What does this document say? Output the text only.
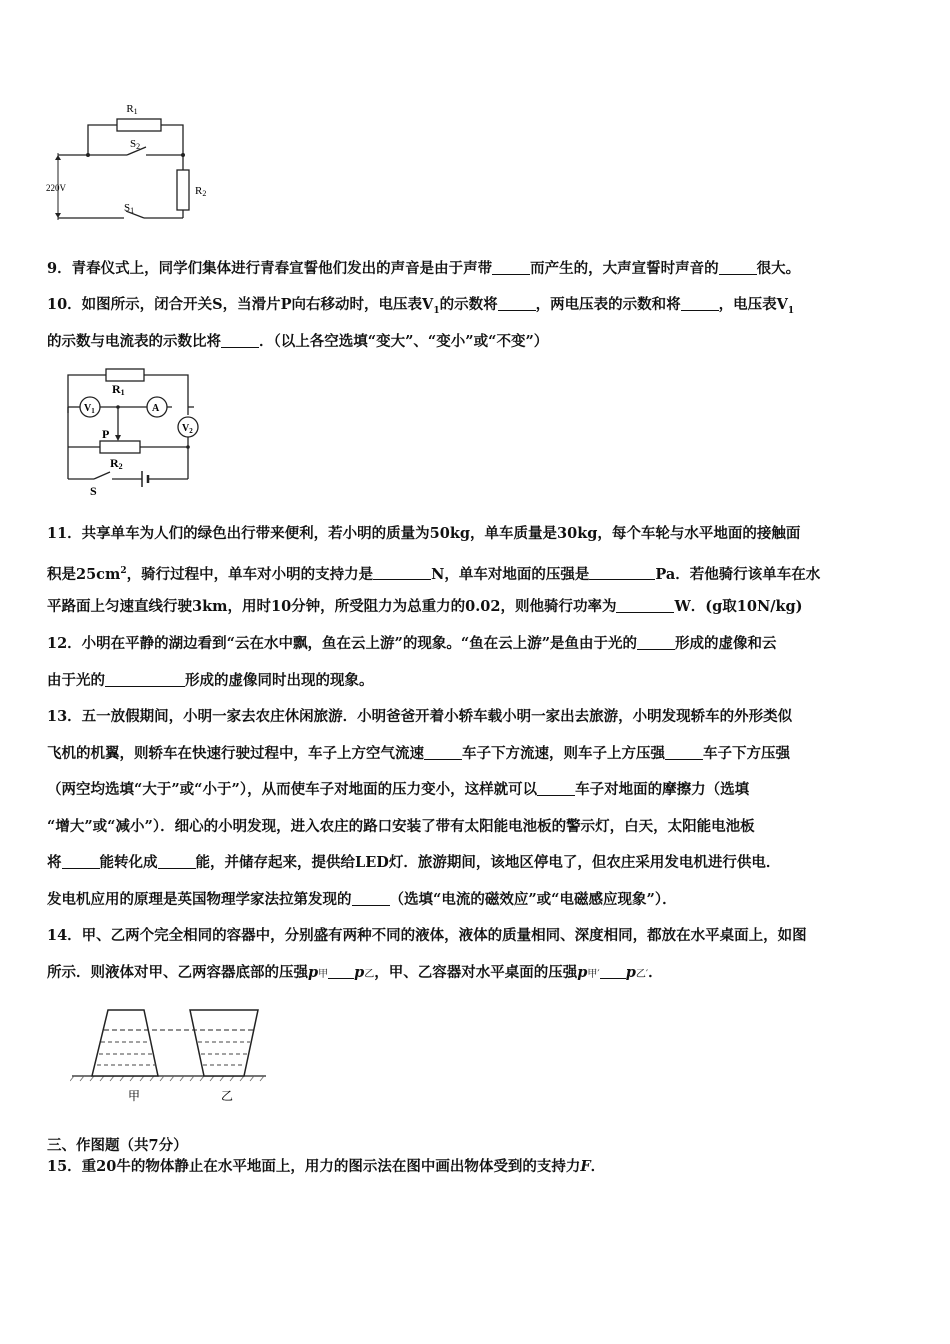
R1
S2
R2
S1
220V
9．青春仪式上，同学们集体进行青春宣誓他们发出的声音是由于声带	而产生的，大声宣誓时声音的	很大。
10．如图所示，闭合开关S，当滑片P向右移动时，电压表$V_1$的示数将	，两电压表的示数和将	，电压表$V_1$
的示数与电流表的示数比将	．（以上各空选填“变大”、“变小”或“不变”）
R1
$V_1$	A
$V_2$
P
R2
S
11．共享单车为人们的绿色出行带来便利，若小明的质量为50kg，单车质量是30kg，每个车轮与水平地面的接触面
积是$25cm^2$，骑行过程中，单车对小明的支持力是	N，单车对地面的压强是	Pa．若他骑行该单车在水
平路面上匀速直线行驶3km，用时10分钟，所受阻力为总重力的0.02，则他骑行功率为	W．(g取10N/kg)
12．小明在平静的湖边看到“云在水中飘，鱼在云上游”的现象。“鱼在云上游”是鱼由于光的	形成的虚像和云
由于光的	形成的虚像同时出现的现象。
13．五一放假期间，小明一家去农庄休闲旅游．小明爸爸开着小轿车载小明一家出去旅游，小明发现轿车的外形类似
飞机的机翼，则轿车在快速行驶过程中，车子上方空气流速	车子下方流速，则车子上方压强	车子下方压强
（两空均选填“大于”或“小于”），从而使车子对地面的压力变小，这样就可以	车子对地面的摩擦力（选填
“增大”或“减小”）．细心的小明发现，进入农庄的路口安装了带有太阳能电池板的警示灯，白天，太阳能电池板
将	能转化成	能，并储存起来，提供给LED灯．旅游期间，该地区停电了，但农庄采用发电机进行供电．
发电机应用的原理是英国物理学家法拉第发现的	（选填“电流的磁效应”或“电磁感应现象”）．
14．甲、乙两个完全相同的容器中，分别盛有两种不同的液体，液体的质量相同、深度相同，都放在水平桌面上，如图
所示．则液体对甲、乙两容器底部的压强p甲 p乙，甲、乙容器对水平桌面的压强p甲′ p乙′．
甲	乙
三、作图题（共7分）
15．重20牛的物体静止在水平地面上，用力的图示法在图中画出物体受到的支持力F．
